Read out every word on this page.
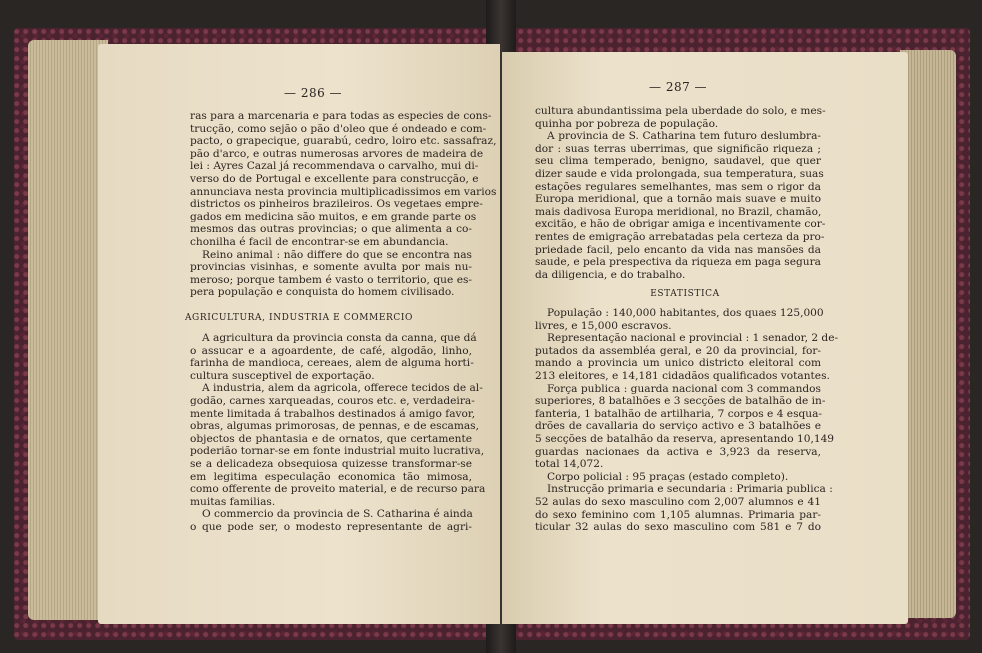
— 286 —
ras para a marcenaria e para todas as especies de cons-
trucção, como sejão o pão d'oleo que é ondeado e com-
pacto, o grapecique, guarabú, cedro, loiro etc. sassafraz,
pão d'arco, e outras numerosas arvores de madeira de
lei : Ayres Cazal já recommendava o carvalho, mui di-
verso do de Portugal e excellente para construcção, e
annunciava nesta provincia multiplicadissimos em varios
districtos os pinheiros brazileiros. Os vegetaes empre-
gados em medicina são muitos, e em grande parte os
mesmos das outras provincias; o que alimenta a co-
chonilha é facil de encontrar-se em abundancia.
Reino animal : não differe do que se encontra nas
provincias visinhas, e somente avulta por mais nu-
meroso; porque tambem é vasto o territorio, que es-
pera população e conquista do homem civilisado.
AGRICULTURA, INDUSTRIA E COMMERCIO
A agricultura da provincia consta da canna, que dá
o assucar e a agoardente, de café, algodão, linho,
farinha de mandioca, cereaes, alem de alguma horti-
cultura susceptivel de exportação.
A industria, alem da agricola, offerece tecidos de al-
godão, carnes xarqueadas, couros etc. e, verdadeira-
mente limitada á trabalhos destinados á amigo favor,
obras, algumas primorosas, de pennas, e de escamas,
objectos de phantasia e de ornatos, que certamente
poderião tornar-se em fonte industrial muito lucrativa,
se a delicadeza obsequiosa quizesse transformar-se
em legitima especulação economica tão mimosa,
como offerente de proveito material, e de recurso para
muitas familias.
O commercio da provincia de S. Catharina é ainda
o que pode ser, o modesto representante de agri-
— 287 —
cultura abundantissima pela uberdade do solo, e mes-
quinha por pobreza de população.
A provincia de S. Catharina tem futuro deslumbra-
dor : suas terras uberrimas, que significão riqueza ;
seu clima temperado, benigno, saudavel, que quer
dizer saude e vida prolongada, sua temperatura, suas
estações regulares semelhantes, mas sem o rigor da
Europa meridional, que a tornão mais suave e muito
mais dadivosa Europa meridional, no Brazil, chamão,
excitão, e hão de obrigar amiga e incentivamente cor-
rentes de emigração arrebatadas pela certeza da pro-
priedade facil, pelo encanto da vida nas mansões da
saude, e pela prespectiva da riqueza em paga segura
da diligencia, e do trabalho.
ESTATISTICA
População : 140,000 habitantes, dos quaes 125,000
livres, e 15,000 escravos.
Representação nacional e provincial : 1 senador, 2 de-
putados da assembléa geral, e 20 da provincial, for-
mando a provincia um unico districto eleitoral com
213 eleitores, e 14,181 cidadãos qualificados votantes.
Força publica : guarda nacional com 3 commandos
superiores, 8 batalhões e 3 secções de batalhão de in-
fanteria, 1 batalhão de artilharia, 7 corpos e 4 esqua-
drões de cavallaria do serviço activo e 3 batalhões e
5 secções de batalhão da reserva, apresentando 10,149
guardas nacionaes da activa e 3,923 da reserva,
total 14,072.
Corpo policial : 95 praças (estado completo).
Instrucção primaria e secundaria : Primaria publica :
52 aulas do sexo masculino com 2,007 alumnos e 41
do sexo feminino com 1,105 alumnas. Primaria par-
ticular 32 aulas do sexo masculino com 581 e 7 do
